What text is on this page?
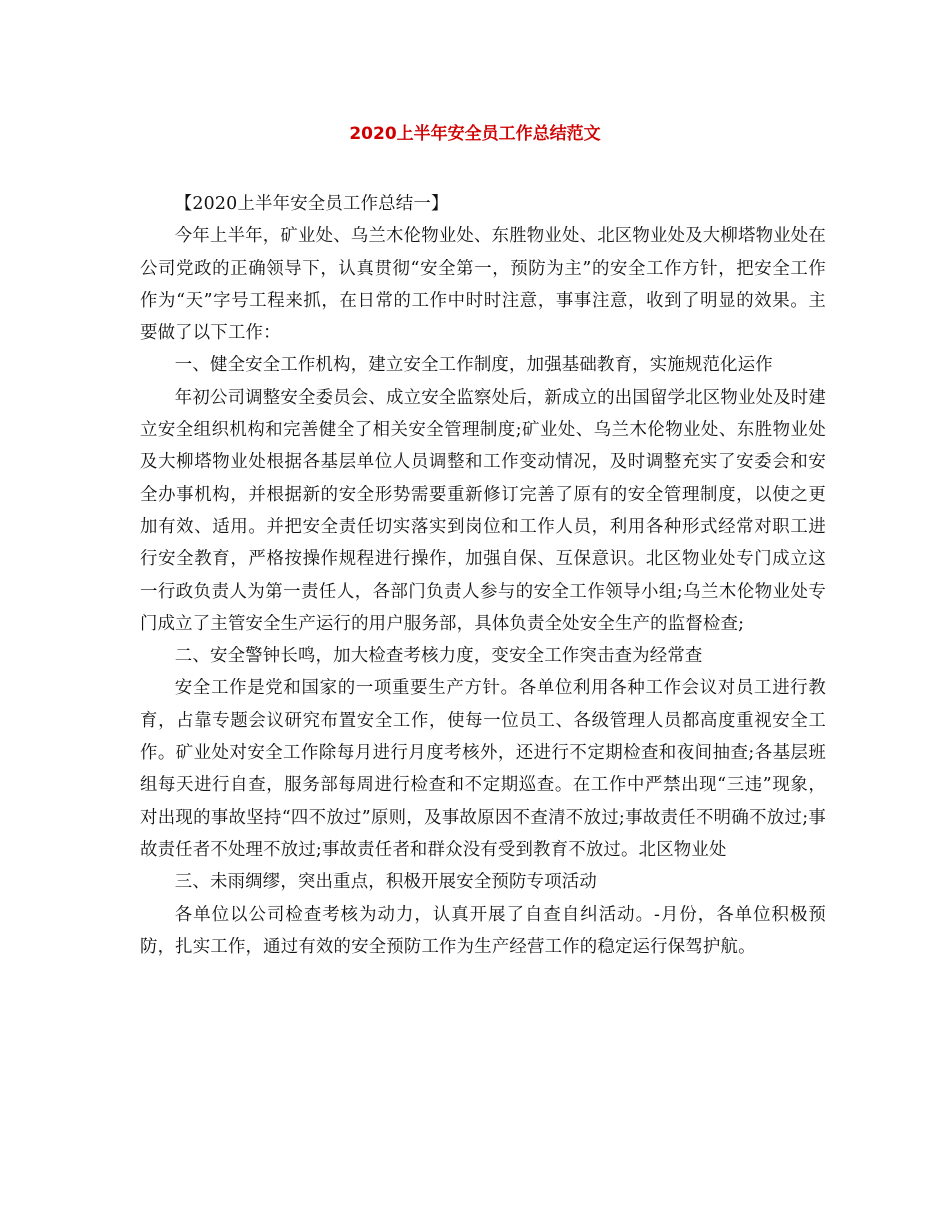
2020上半年安全员工作总结范文

【2020上半年安全员工作总结一】

今年上半年，矿业处、乌兰木伦物业处、东胜物业处、北区物业处及大柳塔物业处在公司党政的正确领导下，认真贯彻“安全第一，预防为主”的安全工作方针，把安全工作作为“天”字号工程来抓，在日常的工作中时时注意，事事注意，收到了明显的效果。主要做了以下工作：

一、健全安全工作机构，建立安全工作制度，加强基础教育，实施规范化运作

年初公司调整安全委员会、成立安全监察处后，新成立的出国留学北区物业处及时建立安全组织机构和完善健全了相关安全管理制度;矿业处、乌兰木伦物业处、东胜物业处及大柳塔物业处根据各基层单位人员调整和工作变动情况，及时调整充实了安委会和安全办事机构，并根据新的安全形势需要重新修订完善了原有的安全管理制度，以使之更加有效、适用。并把安全责任切实落实到岗位和工作人员，利用各种形式经常对职工进行安全教育，严格按操作规程进行操作，加强自保、互保意识。北区物业处专门成立这一行政负责人为第一责任人，各部门负责人参与的安全工作领导小组;乌兰木伦物业处专门成立了主管安全生产运行的用户服务部，具体负责全处安全生产的监督检查;

二、安全警钟长鸣，加大检查考核力度，变安全工作突击查为经常查

安全工作是党和国家的一项重要生产方针。各单位利用各种工作会议对员工进行教育，占靠专题会议研究布置安全工作，使每一位员工、各级管理人员都高度重视安全工作。矿业处对安全工作除每月进行月度考核外，还进行不定期检查和夜间抽查;各基层班组每天进行自查，服务部每周进行检查和不定期巡查。在工作中严禁出现“三违”现象，对出现的事故坚持“四不放过”原则，及事故原因不查清不放过;事故责任不明确不放过;事故责任者不处理不放过;事故责任者和群众没有受到教育不放过。北区物业处

三、未雨绸缪，突出重点，积极开展安全预防专项活动

各单位以公司检查考核为动力，认真开展了自查自纠活动。-月份，各单位积极预防，扎实工作，通过有效的安全预防工作为生产经营工作的稳定运行保驾护航。
